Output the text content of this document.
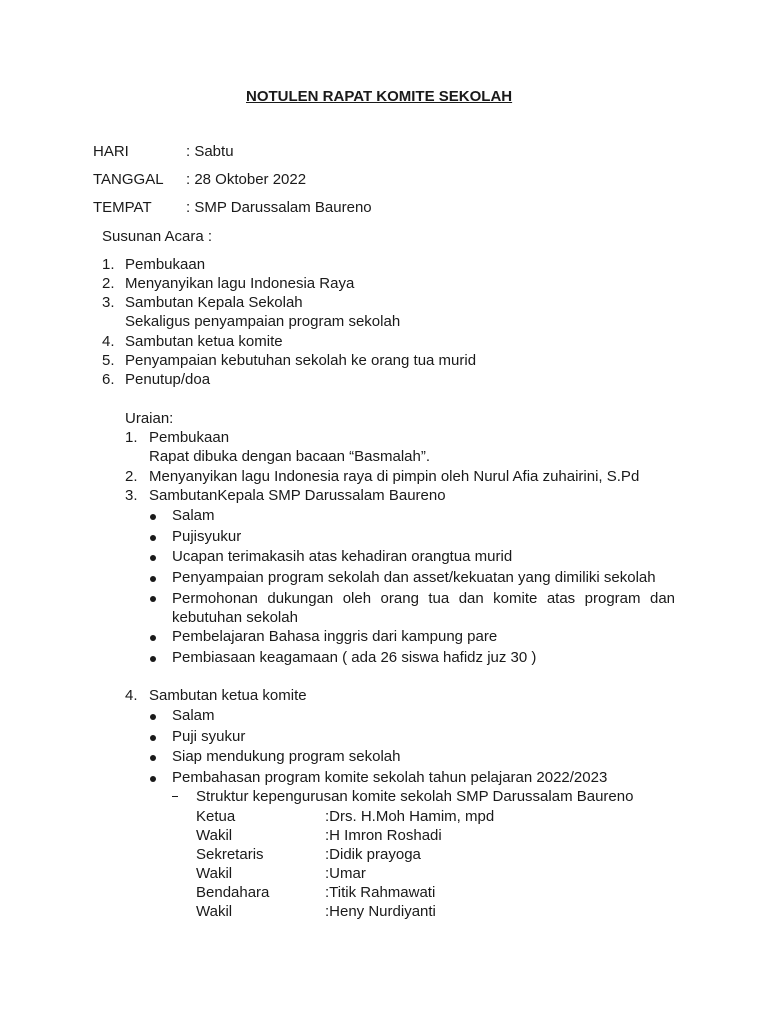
NOTULEN RAPAT KOMITE SEKOLAH
HARI	: Sabtu
TANGGAL : 28 Oktober 2022
TEMPAT : SMP Darussalam Baureno
Susunan Acara :
1. Pembukaan
2. Menyanyikan lagu Indonesia Raya
3. Sambutan Kepala Sekolah
Sekaligus penyampaian program sekolah
4. Sambutan ketua komite
5. Penyampaian kebutuhan sekolah ke orang tua murid
6. Penutup/doa
Uraian:
1. Pembukaan
Rapat dibuka dengan bacaan “Basmalah”.
2. Menyanyikan lagu Indonesia raya di pimpin oleh Nurul Afia zuhairini, S.Pd
3. SambutanKepala SMP Darussalam Baureno
Salam
Pujisyukur
Ucapan terimakasih atas kehadiran orangtua murid
Penyampaian program sekolah dan asset/kekuatan yang dimiliki sekolah
Permohonan dukungan oleh orang tua dan komite atas program dan kebutuhan sekolah
Pembelajaran Bahasa inggris dari kampung pare
Pembiasaan keagamaan ( ada 26 siswa hafidz juz 30 )
4. Sambutan ketua komite
Salam
Puji syukur
Siap mendukung program sekolah
Pembahasan program komite sekolah tahun pelajaran 2022/2023
Struktur kepengurusan komite sekolah SMP Darussalam Baureno
Ketua	:Drs. H.Moh Hamim, mpd
Wakil	:H Imron Roshadi
Sekretaris	:Didik prayoga
Wakil	:Umar
Bendahara	:Titik Rahmawati
Wakil	:Heny Nurdiyanti
